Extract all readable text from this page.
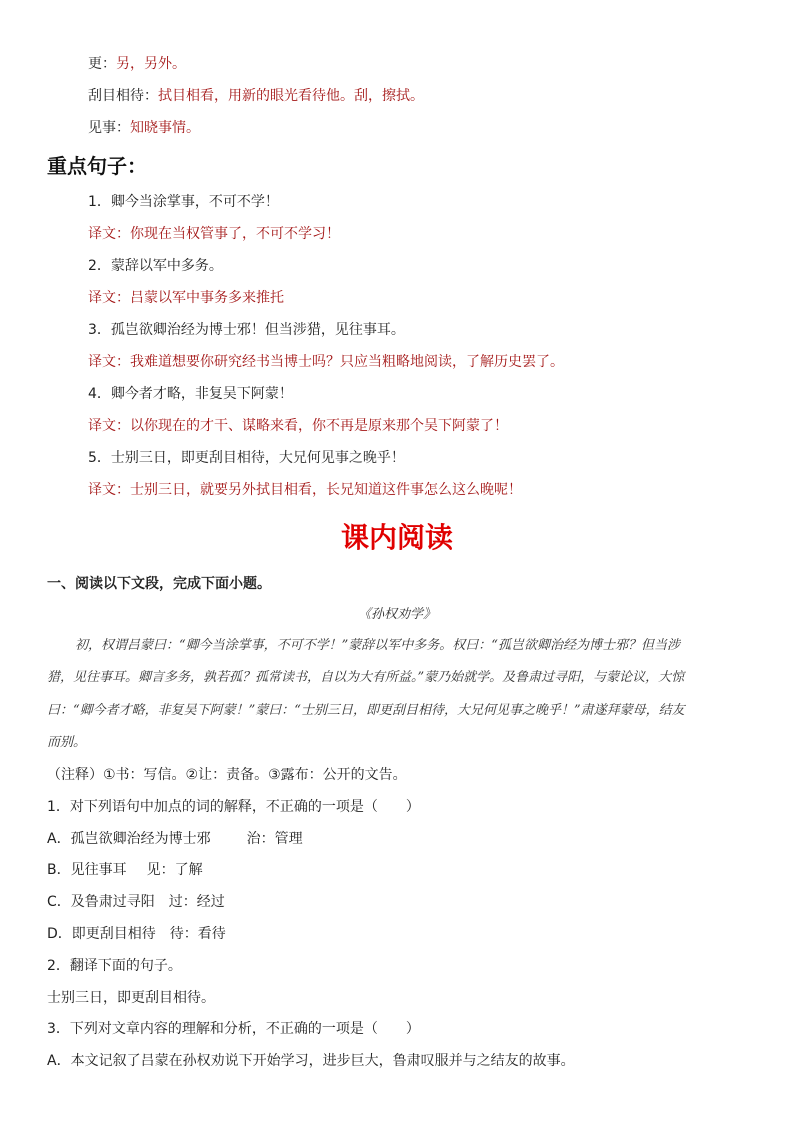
更：另，另外。
刮目相待：拭目相看，用新的眼光看待他。刮，擦拭。
见事：知晓事情。
重点句子：
1．卿今当涂掌事，不可不学！
译文：你现在当权管事了，不可不学习！
2．蒙辞以军中多务。
译文：吕蒙以军中事务多来推托
3．孤岂欲卿治经为博士邪！但当涉猎，见往事耳。
译文：我难道想要你研究经书当博士吗？只应当粗略地阅读，了解历史罢了。
4．卿今者才略，非复吴下阿蒙！
译文：以你现在的才干、谋略来看，你不再是原来那个吴下阿蒙了！
5．士别三日，即更刮目相待，大兄何见事之晚乎！
译文：士别三日，就要另外拭目相看，长兄知道这件事怎么这么晚呢！
课内阅读
一、阅读以下文段，完成下面小题。
《孙权劝学》
初，权谓吕蒙曰：“卿今当涂掌事，不可不学！”蒙辞以军中多务。权曰：“孤岂欲卿治经为博士邪？但当涉
猎，见往事耳。卿言多务，孰若孤？孤常读书，自以为大有所益。”蒙乃始就学。及鲁肃过寻阳，与蒙论议，大惊
曰：“卿今者才略，非复吴下阿蒙！”蒙曰：“士别三日，即更刮目相待，大兄何见事之晚乎！”肃遂拜蒙母，结友
而别。
（注释）①书：写信。②让：责备。③露布：公开的文告。
1．对下列语句中加点的词的解释，不正确的一项是（　　）
A．孤岂欲卿治经为博士邪	治：管理
B．见往事耳 见：了解
C．及鲁肃过寻阳 过：经过
D．即更刮目相待 待：看待
2．翻译下面的句子。
士别三日，即更刮目相待。
3．下列对文章内容的理解和分析，不正确的一项是（　　）
A．本文记叙了吕蒙在孙权劝说下开始学习，进步巨大，鲁肃叹服并与之结友的故事。
